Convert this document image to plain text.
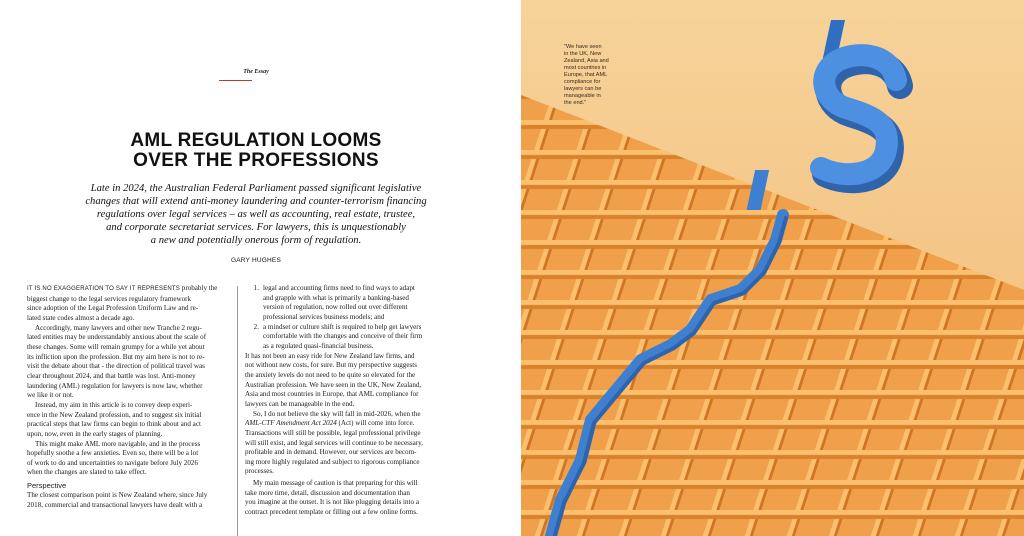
The Essay
AML REGULATION LOOMS
OVER THE PROFESSIONS
Late in 2024, the Australian Federal Parliament passed significant legislative
changes that will extend anti-money laundering and counter-terrorism financing
regulations over legal services – as well as accounting, real estate, trustee,
and corporate secretariat services. For lawyers, this is unquestionably
a new and potentially onerous form of regulation.
GARY HUGHES
IT IS NO EXAGGERATION TO SAY IT REPRESENTS probably the
biggest change to the legal services regulatory framework
since adoption of the Legal Profession Uniform Law and re-
lated state codes almost a decade ago.
Accordingly, many lawyers and other new Tranche 2 regu-
lated entities may be understandably anxious about the scale of
these changes. Some will remain grumpy for a while yet about
its infliction upon the profession. But my aim here is not to re-
visit the debate about that - the direction of political travel was
clear throughout 2024, and that battle was lost. Anti-money
laundering (AML) regulation for lawyers is now law, whether
we like it or not.
Instead, my aim in this article is to convey deep experi-
ence in the New Zealand profession, and to suggest six initial
practical steps that law firms can begin to think about and act
upon, now, even in the early stages of planning.
This might make AML more navigable, and in the process
hopefully soothe a few anxieties. Even so, there will be a lot
of work to do and uncertainties to navigate before July 2026
when the changes are slated to take effect.
Perspective
The closest comparison point is New Zealand where, since July
2018, commercial and transactional lawyers have dealt with a
1. legal and accounting firms need to find ways to adapt
and grapple with what is primarily a banking-based
version of regulation, now rolled out over different
professional services business models; and
2. a mindset or culture shift is required to help get lawyers
comfortable with the changes and conceive of their firm
as a regulated quasi-financial business.
It has not been an easy ride for New Zealand law firms, and
not without new costs, for sure. But my perspective suggests
the anxiety levels do not need to be quite so elevated for the
Australian profession. We have seen in the UK, New Zealand,
Asia and most countries in Europe, that AML compliance for
lawyers can be manageable in the end.
So, I do not believe the sky will fall in mid-2026, when the
AML-CTF Amendment Act 2024 (Act) will come into force.
Transactions will still be possible, legal professional privilege
will still exist, and legal services will continue to be necessary,
profitable and in demand. However, our services are becom-
ing more highly regulated and subject to rigorous compliance
processes.
My main message of caution is that preparing for this will
take more time, detail, discussion and documentation than
you imagine at the outset. It is not like plugging details into a
contract precedent template or filling out a few online forms.
"We have seen
in the UK, New
Zealand, Asia and
most countries in
Europe, that AML
compliance for
lawyers can be
manageable in
the end."
